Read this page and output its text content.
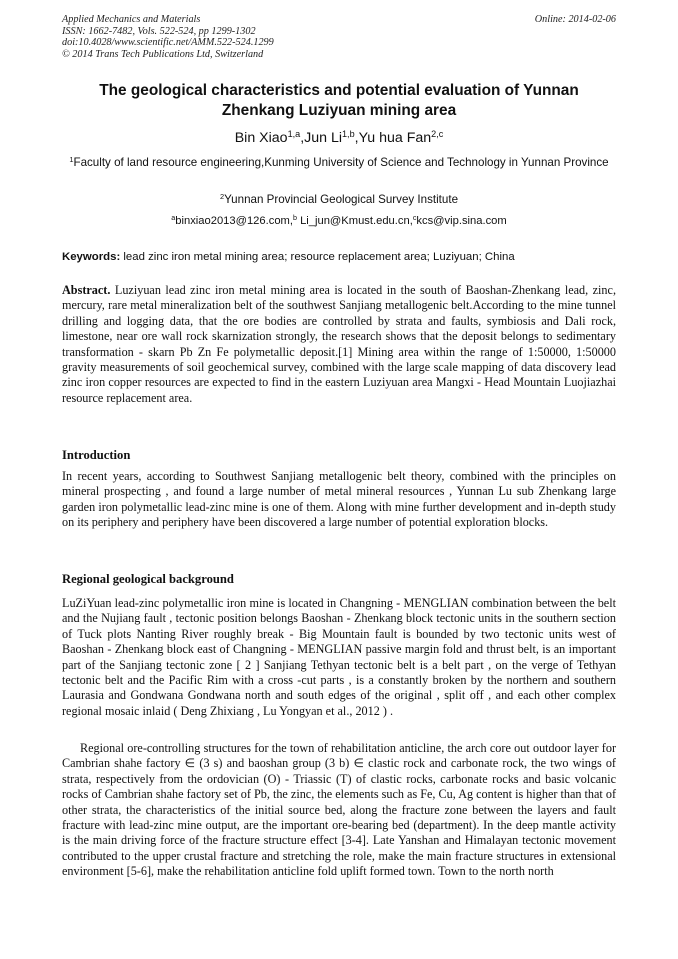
Applied Mechanics and Materials
ISSN: 1662-7482, Vols. 522-524, pp 1299-1302
doi:10.4028/www.scientific.net/AMM.522-524.1299
© 2014 Trans Tech Publications Ltd, Switzerland
Online: 2014-02-06
The geological characteristics and potential evaluation of Yunnan
Zhenkang Luziyuan mining area
Bin Xiao$^{1,a}$,Jun Li$^{1,b}$,Yu hua Fan$^{2,c}$
$^1$Faculty of land resource engineering,Kunming University of Science and Technology in Yunnan Province
$^2$Yunnan Provincial Geological Survey Institute
$^a$binxiao2013@126.com,$^b$ Li_jun@Kmust.edu.cn,$^c$kcs@vip.sina.com
Keywords: lead zinc iron metal mining area; resource replacement area; Luziyuan; China

Abstract. Luziyuan lead zinc iron metal mining area is located in the south of Baoshan-Zhenkang lead, zinc, mercury, rare metal mineralization belt of the southwest Sanjiang metallogenic belt.According to the mine tunnel drilling and logging data, that the ore bodies are controlled by strata and faults, symbiosis and Dali rock, limestone, near ore wall rock skarnization strongly, the research shows that the deposit belongs to sedimentary transformation - skarn Pb Zn Fe polymetallic deposit.[1] Mining area within the range of 1:50000, 1:50000 gravity measurements of soil geochemical survey, combined with the large scale mapping of data discovery lead zinc iron copper resources are expected to find in the eastern Luziyuan area Mangxi - Head Mountain Luojiazhai resource replacement area.

Introduction

In recent years, according to Southwest Sanjiang metallogenic belt theory, combined with the principles on mineral prospecting , and found a large number of metal mineral resources , Yunnan Lu sub Zhenkang large garden iron polymetallic lead-zinc mine is one of them. Along with mine further development and in-depth study on its periphery and periphery have been discovered a large number of potential exploration blocks.

Regional geological background

LuZiYuan lead-zinc polymetallic iron mine is located in Changning - MENGLIAN combination between the belt and the Nujiang fault , tectonic position belongs Baoshan - Zhenkang block tectonic units in the southern section of Tuck plots Nanting River roughly break - Big Mountain fault is bounded by two tectonic units west of Baoshan - Zhenkang block east of Changning - MENGLIAN passive margin fold and thrust belt, is an important part of the Sanjiang tectonic zone [ 2 ] Sanjiang Tethyan tectonic belt is a belt part , on the verge of Tethyan tectonic belt and the Pacific Rim with a cross -cut parts , is a constantly broken by the northern and southern Laurasia and Gondwana Gondwana north and south edges of the original , split off , and each other complex regional mosaic inlaid ( Deng Zhixiang , Lu Yongyan et al., 2012 ) .

Regional ore-controlling structures for the town of rehabilitation anticline, the arch core out outdoor layer for Cambrian shahe factory ∈ (3 s) and baoshan group (3 b) ∈ clastic rock and carbonate rock, the two wings of strata, respectively from the ordovician (O) - Triassic (T) of clastic rocks, carbonate rocks and basic volcanic rocks of Cambrian shahe factory set of Pb, the zinc, the elements such as Fe, Cu, Ag content is higher than that of other strata, the characteristics of the initial source bed, along the fracture zone between the layers and fault fracture with lead-zinc mine output, are the important ore-bearing bed (department). In the deep mantle activity is the main driving force of the fracture structure effect [3-4]. Late Yanshan and Himalayan tectonic movement contributed to the upper crustal fracture and stretching the role, make the main fracture structures in extensional environment [5-6], make the rehabilitation anticline fold uplift formed town. Town to the north north
